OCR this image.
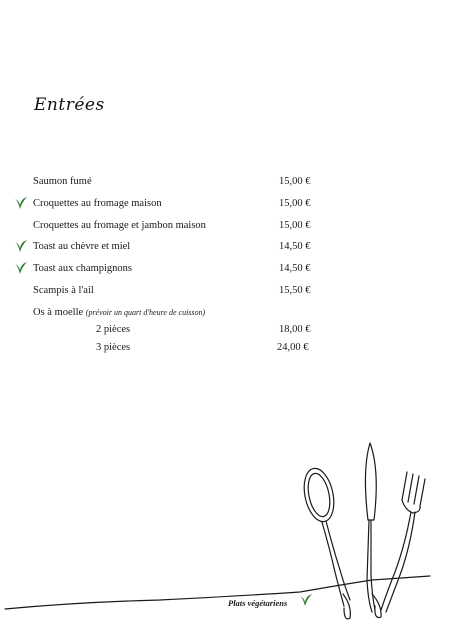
Entrées
Saumon fumé	15,00 €
Croquettes au fromage maison	15,00 €
Croquettes au fromage et jambon maison	15,00 €
Toast au chèvre et miel	14,50 €
Toast aux champignons	14,50 €
Scampis à l'ail	15,50 €
Os à moelle (prévoir un quart d'heure de cuisson)
2 pièces	18,00 €
3 pièces	24,00 €
Plats végétariens
